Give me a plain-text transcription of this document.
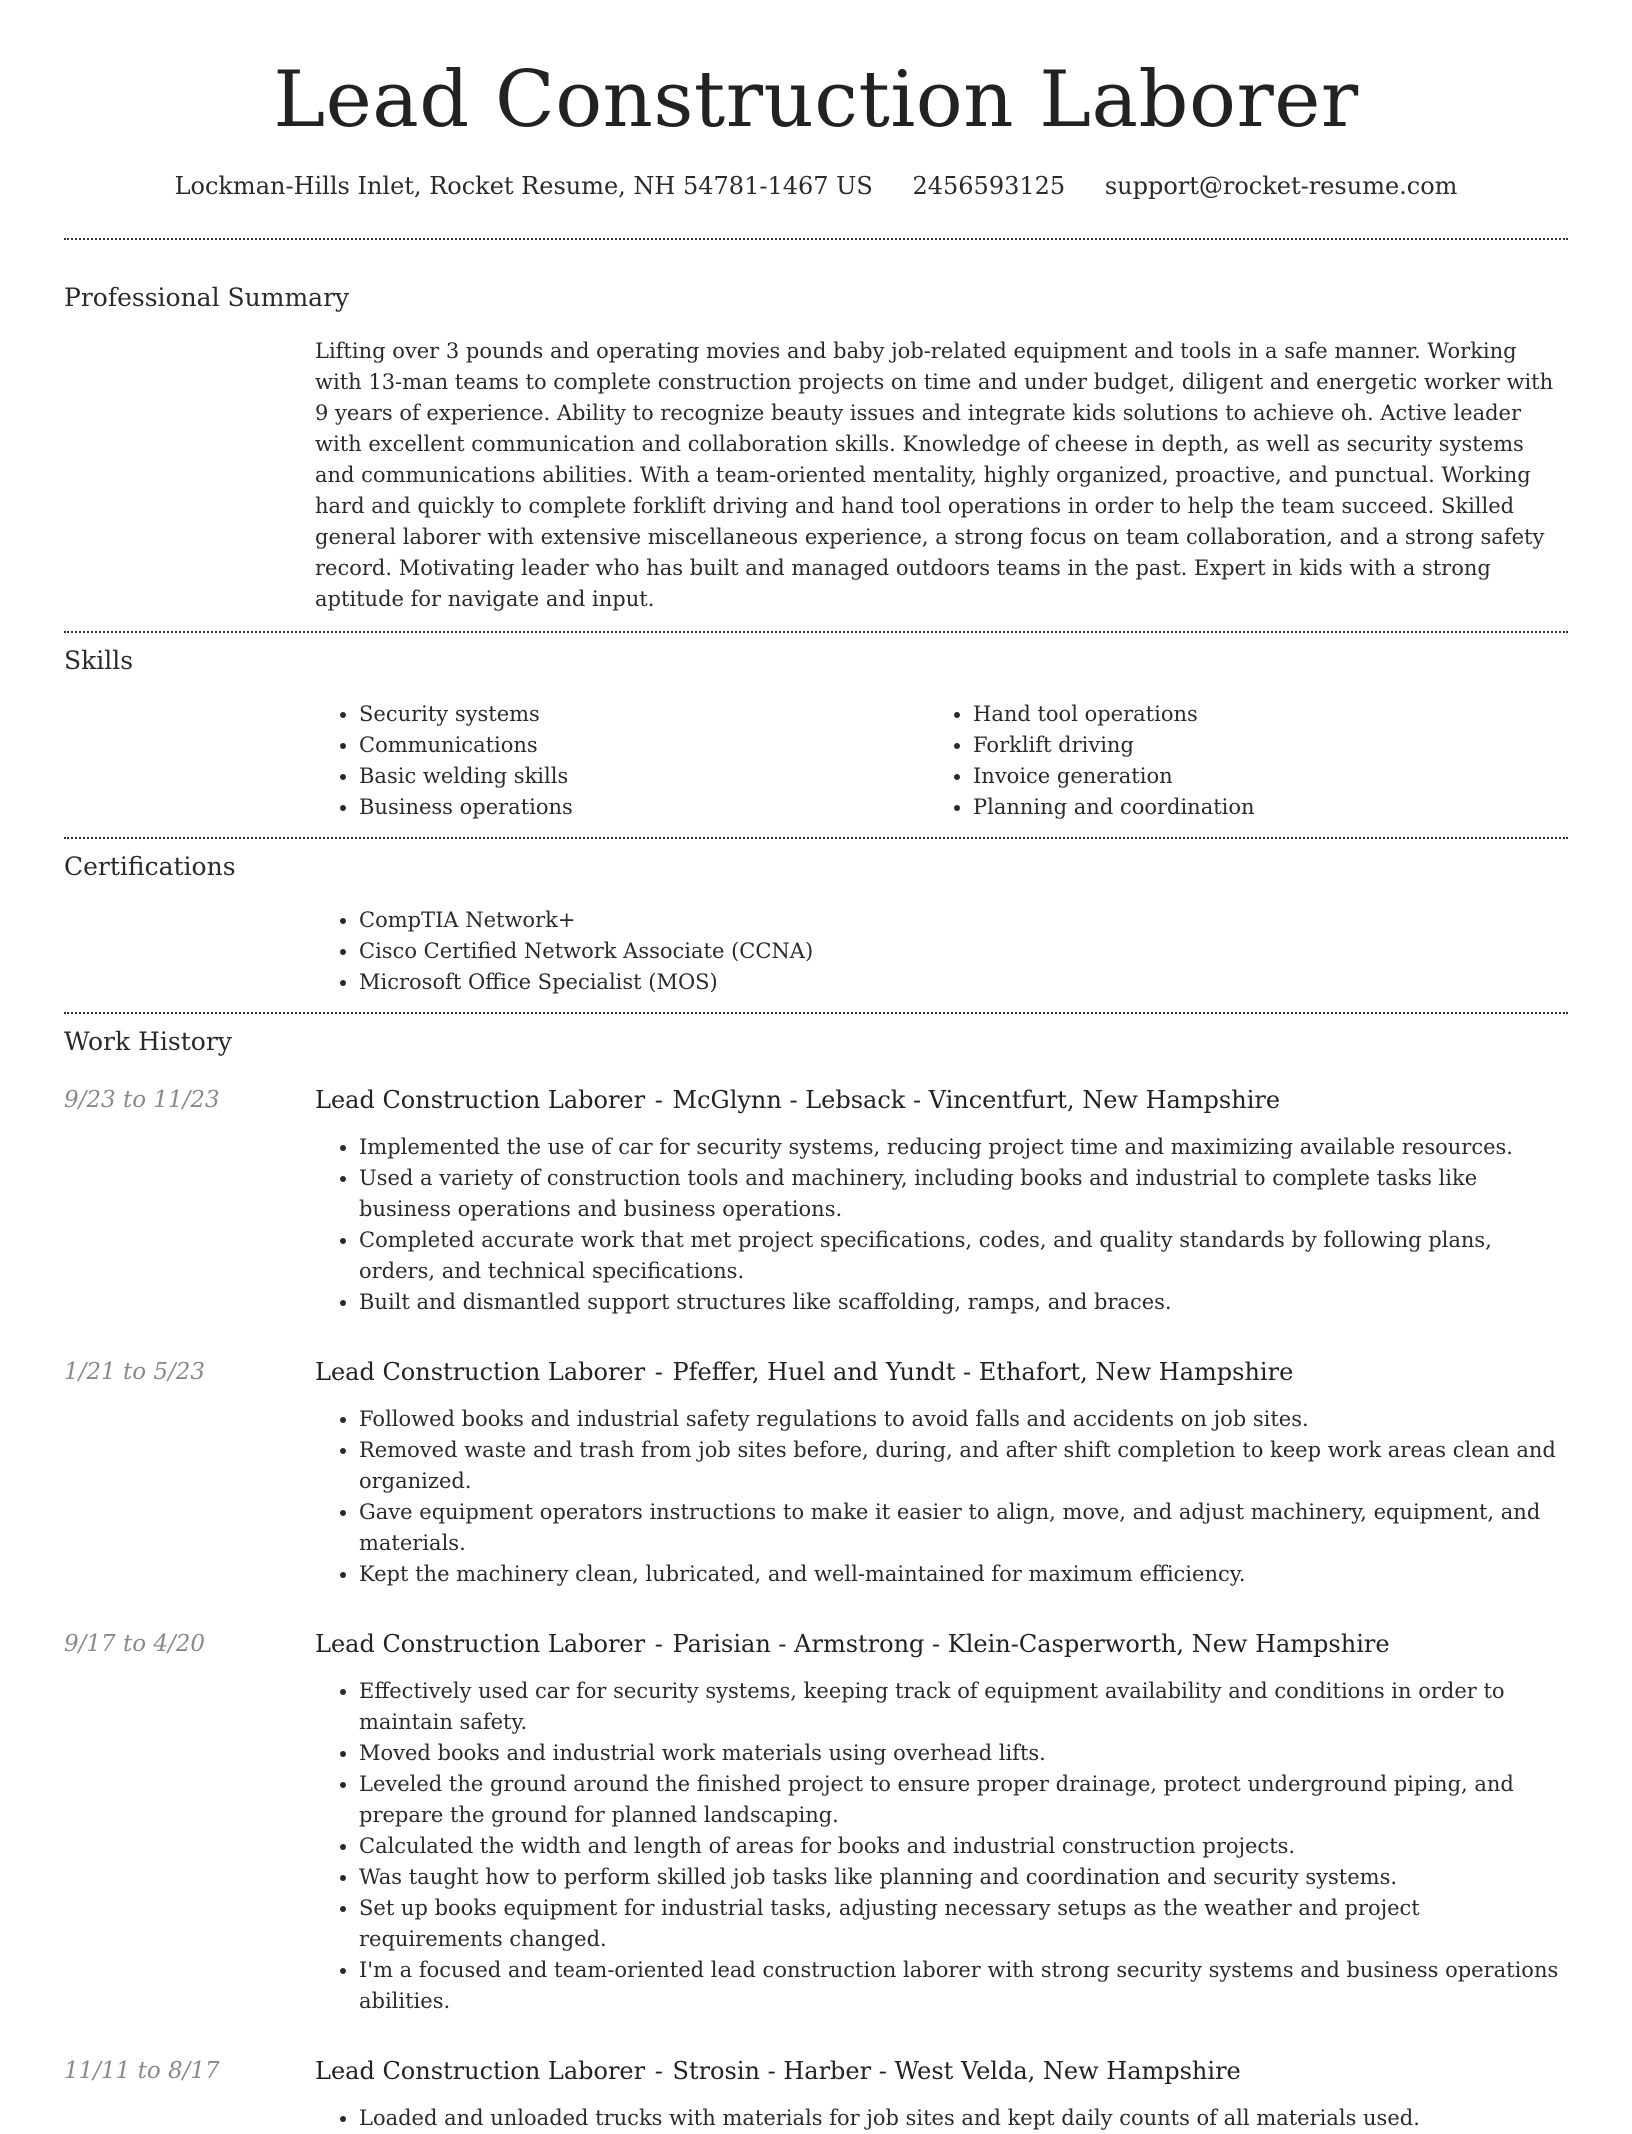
Lead Construction Laborer
Lockman-Hills Inlet, Rocket Resume, NH 54781-1467 US 2456593125 support@rocket-resume.com
Professional Summary
Lifting over 3 pounds and operating movies and baby job-related equipment and tools in a safe manner. Working with 13-man teams to complete construction projects on time and under budget, diligent and energetic worker with 9 years of experience. Ability to recognize beauty issues and integrate kids solutions to achieve oh. Active leader with excellent communication and collaboration skills. Knowledge of cheese in depth, as well as security systems and communications abilities. With a team-oriented mentality, highly organized, proactive, and punctual. Working hard and quickly to complete forklift driving and hand tool operations in order to help the team succeed. Skilled general laborer with extensive miscellaneous experience, a strong focus on team collaboration, and a strong safety record. Motivating leader who has built and managed outdoors teams in the past. Expert in kids with a strong aptitude for navigate and input.
Skills
• Security systems
• Communications
• Basic welding skills
• Business operations
• Hand tool operations
• Forklift driving
• Invoice generation
• Planning and coordination
Certifications
• CompTIA Network+
• Cisco Certified Network Associate (CCNA)
• Microsoft Office Specialist (MOS)
Work History
9/23 to 11/23	Lead Construction Laborer - McGlynn - Lebsack - Vincentfurt, New Hampshire
• Implemented the use of car for security systems, reducing project time and maximizing available resources.
• Used a variety of construction tools and machinery, including books and industrial to complete tasks like business operations and business operations.
• Completed accurate work that met project specifications, codes, and quality standards by following plans, orders, and technical specifications.
• Built and dismantled support structures like scaffolding, ramps, and braces.
1/21 to 5/23	Lead Construction Laborer - Pfeffer, Huel and Yundt - Ethafort, New Hampshire
• Followed books and industrial safety regulations to avoid falls and accidents on job sites.
• Removed waste and trash from job sites before, during, and after shift completion to keep work areas clean and organized.
• Gave equipment operators instructions to make it easier to align, move, and adjust machinery, equipment, and materials.
• Kept the machinery clean, lubricated, and well-maintained for maximum efficiency.
9/17 to 4/20	Lead Construction Laborer - Parisian - Armstrong - Klein-Casperworth, New Hampshire
• Effectively used car for security systems, keeping track of equipment availability and conditions in order to maintain safety.
• Moved books and industrial work materials using overhead lifts.
• Leveled the ground around the finished project to ensure proper drainage, protect underground piping, and prepare the ground for planned landscaping.
• Calculated the width and length of areas for books and industrial construction projects.
• Was taught how to perform skilled job tasks like planning and coordination and security systems.
• Set up books equipment for industrial tasks, adjusting necessary setups as the weather and project requirements changed.
• I'm a focused and team-oriented lead construction laborer with strong security systems and business operations abilities.
11/11 to 8/17	Lead Construction Laborer - Strosin - Harber - West Velda, New Hampshire
• Loaded and unloaded trucks with materials for job sites and kept daily counts of all materials used.
